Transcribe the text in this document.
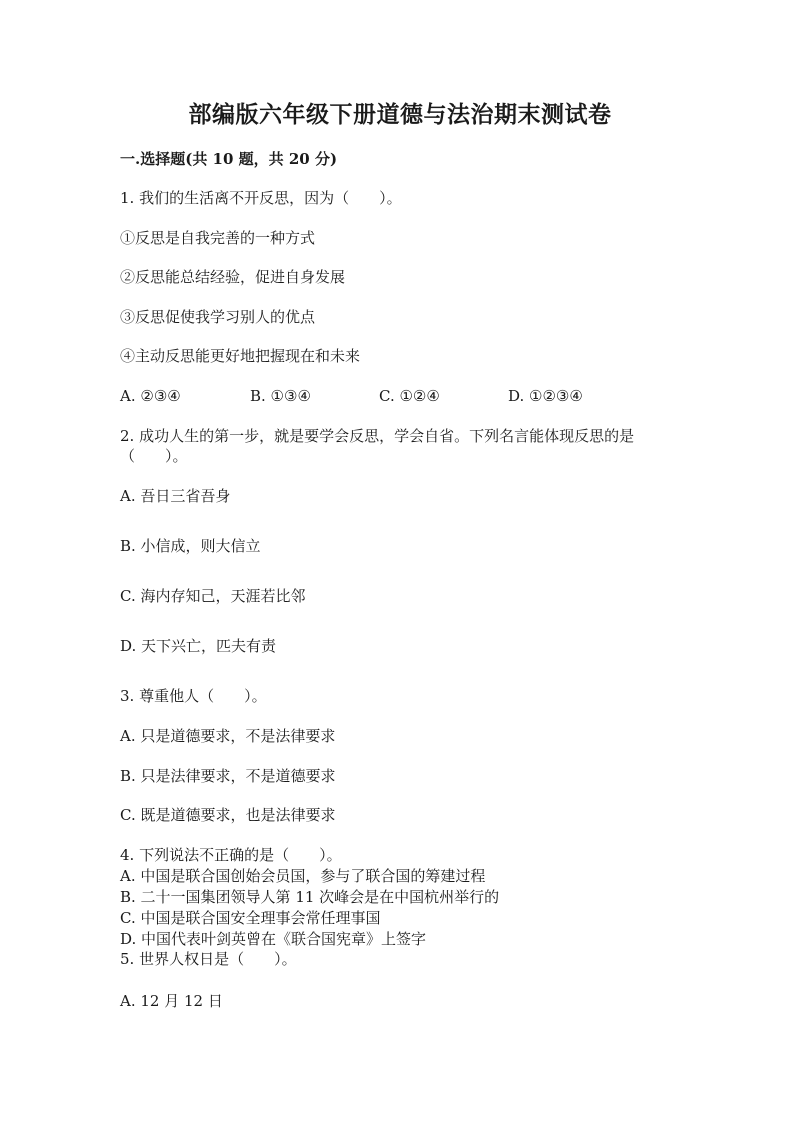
部编版六年级下册道德与法治期末测试卷
一.选择题(共 10 题，共 20 分)
1. 我们的生活离不开反思，因为（　　）。
①反思是自我完善的一种方式
②反思能总结经验，促进自身发展
③反思促使我学习别人的优点
④主动反思能更好地把握现在和未来
A. ②③④	B. ①③④	C. ①②④	D. ①②③④
2. 成功人生的第一步，就是要学会反思，学会自省。下列名言能体现反思的是
（　　）。
A. 吾日三省吾身
B. 小信成，则大信立
C. 海内存知己，天涯若比邻
D. 天下兴亡，匹夫有责
3. 尊重他人（　　）。
A. 只是道德要求，不是法律要求
B. 只是法律要求，不是道德要求
C. 既是道德要求，也是法律要求
4. 下列说法不正确的是（　　）。
A. 中国是联合国创始会员国，参与了联合国的筹建过程
B. 二十一国集团领导人第 11 次峰会是在中国杭州举行的
C. 中国是联合国安全理事会常任理事国
D. 中国代表叶剑英曾在《联合国宪章》上签字
5. 世界人权日是（　　）。
A. 12 月 12 日
